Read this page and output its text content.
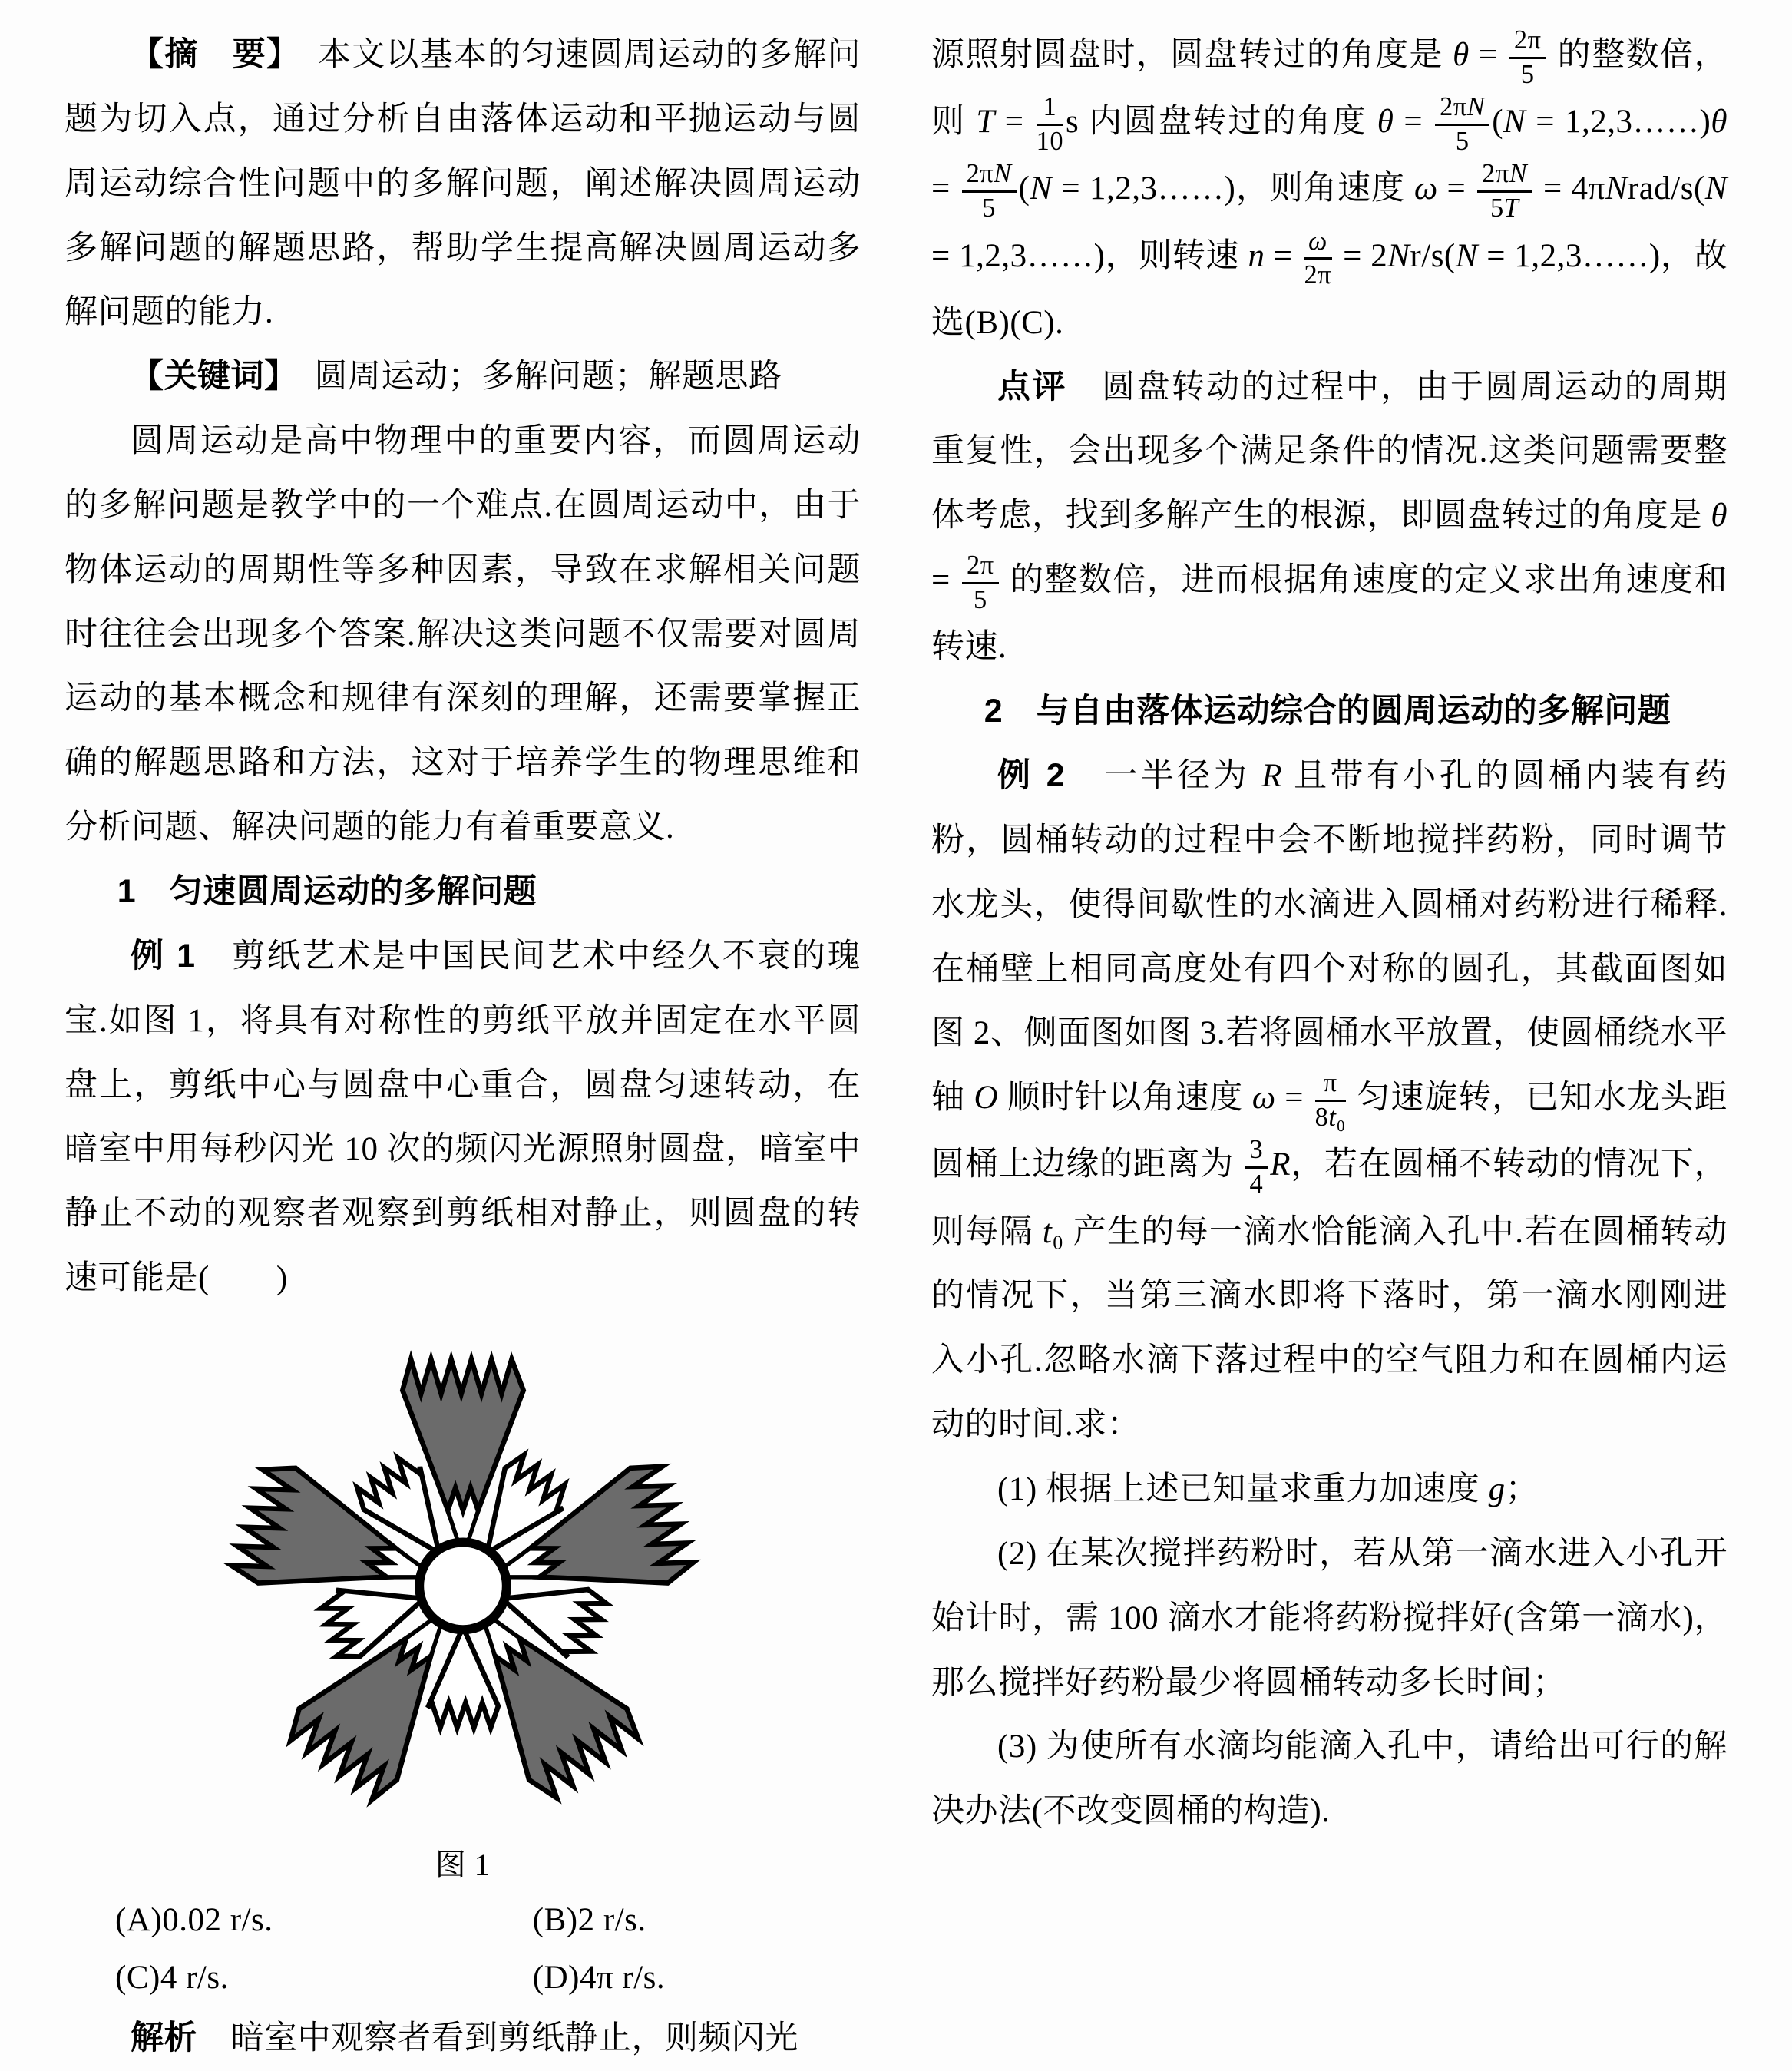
【摘　要】　本文以基本的匀速圆周运动的多解问题为切入点，通过分析自由落体运动和平抛运动与圆周运动综合性问题中的多解问题，阐述解决圆周运动多解问题的解题思路，帮助学生提高解决圆周运动多解问题的能力.
【关键词】　圆周运动；多解问题；解题思路
圆周运动是高中物理中的重要内容，而圆周运动的多解问题是教学中的一个难点.在圆周运动中，由于物体运动的周期性等多种因素，导致在求解相关问题时往往会出现多个答案.解决这类问题不仅需要对圆周运动的基本概念和规律有深刻的理解，还需要掌握正确的解题思路和方法，这对于培养学生的物理思维和分析问题、解决问题的能力有着重要意义.
1　匀速圆周运动的多解问题
例 1　剪纸艺术是中国民间艺术中经久不衰的瑰宝.如图 1，将具有对称性的剪纸平放并固定在水平圆盘上，剪纸中心与圆盘中心重合，圆盘匀速转动，在暗室中用每秒闪光 10 次的频闪光源照射圆盘，暗室中静止不动的观察者观察到剪纸相对静止，则圆盘的转速可能是(　　)
图 1
(A)0.02 r/s.	(B)2 r/s.
(C)4 r/s.	(D)4π r/s.
解析　暗室中观察者看到剪纸静止，则频闪光
源照射圆盘时，圆盘转过的角度是 $\theta = \frac{2\pi}{5}$ 的整数倍，则 $T = \frac{1}{10}$ s 内圆盘转过的角度 $\theta = \frac{2\pi N}{5} (N$ = 1,2,3……)θ = $\frac{2\pi N}{5} (N$ = 1,2,3……)，则角速度 $\omega = \frac{2\pi N}{5T}$ = 4πNrad/s(N = 1,2,3……)，则转速 $n = \frac{\omega}{2\pi} = 2Nr/s(N$ = 1,2,3……)，故选(B)(C).
点评　圆盘转动的过程中，由于圆周运动的周期重复性，会出现多个满足条件的情况.这类问题需要整体考虑，找到多解产生的根源，即圆盘转过的角度是 $\theta = \frac{2\pi}{5}$ 的整数倍，进而根据角速度的定义求出角速度和转速.
2　与自由落体运动综合的圆周运动的多解问题
例 2　一半径为 R 且带有小孔的圆桶内装有药粉，圆桶转动的过程中会不断地搅拌药粉，同时调节水龙头，使得间歇性的水滴进入圆桶对药粉进行稀释.在桶壁上相同高度处有四个对称的圆孔，其截面图如图 2、侧面图如图 3.若将圆桶水平放置，使圆桶绕水平轴 O 顺时针以角速度 $\omega = \frac{\pi}{\text{8t₀}}$ 匀速旋转，已知水龙头距圆桶上边缘的距离为 $\frac{3}{4}$ R，若在圆桶不转动的情况下，则每隔 t₀ 产生的每一滴水恰能滴入孔中.若在圆桶转动的情况下，当第三滴水即将下落时，第一滴水刚刚进入小孔.忽略水滴下落过程中的空气阻力和在圆桶内运动的时间.求：
(1) 根据上述已知量求重力加速度 g；
(2) 在某次搅拌药粉时，若从第一滴水进入小孔开始计时，需 100 滴水才能将药粉搅拌好(含第一滴水)，那么搅拌好药粉最少将圆桶转动多长时间；
(3) 为使所有水滴均能滴入孔中，请给出可行的解决办法(不改变圆桶的构造).
